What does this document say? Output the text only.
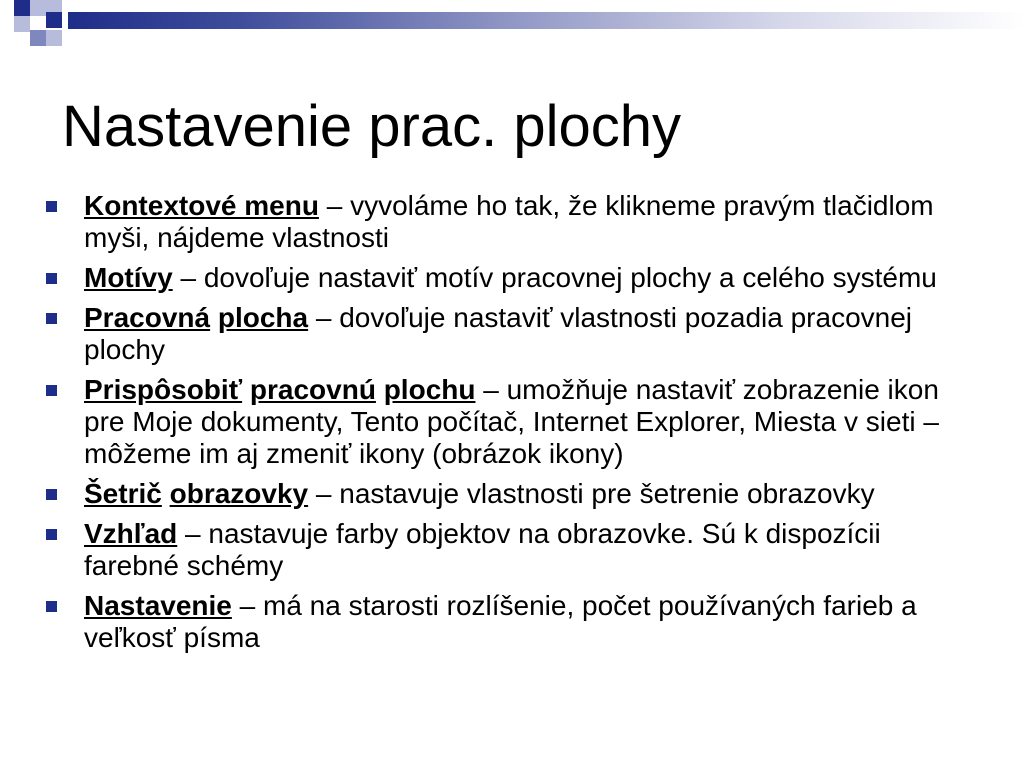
Nastavenie prac. plochy
Kontextové menu – vyvoláme ho tak, že klikneme pravým tlačidlom myši, nájdeme vlastnosti
Motívy – dovoľuje nastaviť motív pracovnej plochy a celého systému
Pracovná plocha – dovoľuje nastaviť vlastnosti pozadia pracovnej plochy
Prispôsobiť pracovnú plochu – umožňuje nastaviť zobrazenie ikon pre Moje dokumenty, Tento počítač, Internet Explorer, Miesta v sieti – môžeme im aj zmeniť ikony (obrázok ikony)
Šetrič obrazovky – nastavuje vlastnosti pre šetrenie obrazovky
Vzhľad – nastavuje farby objektov na obrazovke. Sú k dispozícii farebné schémy
Nastavenie – má na starosti rozlíšenie, počet používaných farieb a veľkosť písma
